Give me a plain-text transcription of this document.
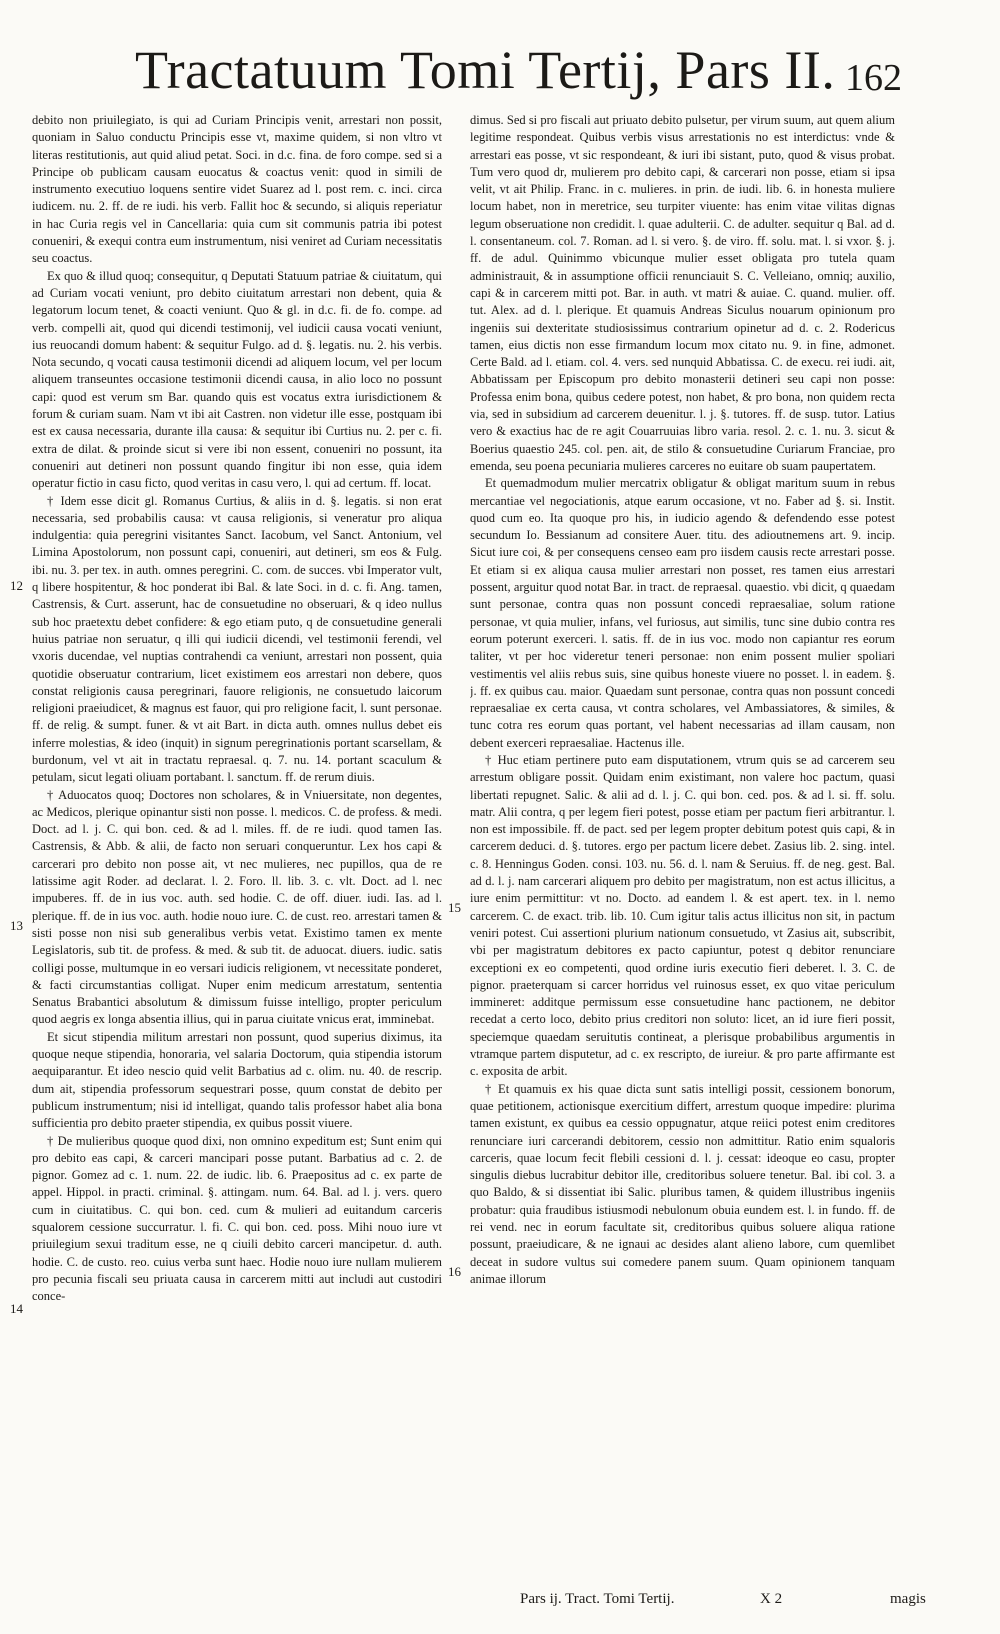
Tractatuum Tomi Tertij, Pars II. 162

debito non priuilegiato, is qui ad Curiam Principis venit, arrestari non possit, quoniam in Saluo conductu Principis esse vt, maxime quidem, si non vltro vt literas restitutionis, aut quid aliud petat. Soci. in d.c. fina. de foro compe. sed si a Principe ob publicam causam euocatus & coactus venit: quod in simili de instrumento executiuo loquens sentire videt Suarez ad l. post rem. c. inci. circa iudicem. nu. 2. ff. de re iudi. his verb. Fallit hoc & secundo, si aliquis reperiatur in hac Curia regis vel in Cancellaria: quia cum sit communis patria ibi potest conueniri, & exequi contra eum instrumentum, nisi veniret ad Curiam necessitatis seu coactus.

Ex quo & illud quoq; consequitur, q Deputati Statuum patriae & ciuitatum, qui ad Curiam vocati veniunt, pro debito ciuitatum arrestari non debent, quia & legatorum locum tenet, & coacti veniunt. Quo & gl. in d.c. fi. de fo. compe. ad verb. compelli ait, quod qui dicendi testimonij, vel iudicii causa vocati veniunt, ius reuocandi domum habent: & sequitur Fulgo. ad d. §. legatis. nu. 2. his verbis. Nota secundo, q vocati causa testimonii dicendi ad aliquem locum, vel per locum aliquem transeuntes occasione testimonii dicendi causa, in alio loco no possunt capi: quod est verum sm Bar. quando quis est vocatus extra iurisdictionem & forum & curiam suam. Nam vt ibi ait Castren. non videtur ille esse, postquam ibi est ex causa necessaria, durante illa causa: & sequitur ibi Curtius nu. 2. per c. fi. extra de dilat. & proinde sicut si vere ibi non essent, conueniri no possunt, ita conueniri aut detineri non possunt quando fingitur ibi non esse, quia idem operatur fictio in casu ficto, quod veritas in casu vero, l. qui ad certum. ff. locat.

† Idem esse dicit gl. Romanus Curtius, & aliis in d. §. legatis. si non erat necessaria, sed probabilis causa: vt causa religionis, si veneratur pro aliqua indulgentia: quia peregrini visitantes Sanct. Iacobum, vel Sanct. Antonium, vel Limina Apostolorum, non possunt capi, conueniri, aut detineri, sm eos & Fulg. ibi. nu. 3. per tex. in auth. omnes peregrini. C. com. de succes. vbi Imperator vult, q libere hospitentur, & hoc ponderat ibi Bal. & late Soci. in d. c. fi. Ang. tamen, Castrensis, & Curt. asserunt, hac de consuetudine no obseruari, & q ideo nullus sub hoc praetextu debet confidere: & ego etiam puto, q de consuetudine generali huius patriae non seruatur, q illi qui iudicii dicendi, vel testimonii ferendi, vel vxoris ducendae, vel nuptias contrahendi ca veniunt, arrestari non possent, quia quotidie obseruatur contrarium, licet existimem eos arrestari non debere, quos constat religionis causa peregrinari, fauore religionis, ne consuetudo laicorum religioni praeiudicet, & magnus est fauor, qui pro religione facit, l. sunt personae. ff. de relig. & sumpt. funer. & vt ait Bart. in dicta auth. omnes nullus debet eis inferre molestias, & ideo (inquit) in signum peregrinationis portant scarsellam, & burdonum, vel vt ait in tractatu repraesal. q. 7. nu. 14. portant scaculum & petulam, sicut legati oliuam portabant. l. sanctum. ff. de rerum diuis.

† Aduocatos quoq; Doctores non scholares, & in Vniuersitate, non degentes, ac Medicos, plerique opinantur sisti non posse. l. medicos. C. de profess. & medi. Doct. ad l. j. C. qui bon. ced. & ad l. miles. ff. de re iudi. quod tamen Ias. Castrensis, & Abb. & alii, de facto non seruari conqueruntur. Lex hos capi & carcerari pro debito non posse ait, vt nec mulieres, nec pupillos, qua de re latissime agit Roder. ad declarat. l. 2. Foro. ll. lib. 3. c. vlt. Doct. ad l. nec impuberes. ff. de in ius voc. auth. sed hodie. C. de off. diuer. iudi. Ias. ad l. plerique. ff. de in ius voc. auth. hodie nouo iure. C. de cust. reo. arrestari tamen & sisti posse non nisi sub generalibus verbis vetat. Existimo tamen ex mente Legislatoris, sub tit. de profess. & med. & sub tit. de aduocat. diuers. iudic. satis colligi posse, multumque in eo versari iudicis religionem, vt necessitate ponderet, & facti circumstantias colligat. Nuper enim medicum arrestatum, sententia Senatus Brabantici absolutum & dimissum fuisse intelligo, propter periculum quod aegris ex longa absentia illius, qui in parua ciuitate vnicus erat, imminebat.

Et sicut stipendia militum arrestari non possunt, quod superius diximus, ita quoque neque stipendia, honoraria, vel salaria Doctorum, quia stipendia istorum aequiparantur. Et ideo nescio quid velit Barbatius ad c. olim. nu. 40. de rescrip. dum ait, stipendia professorum sequestrari posse, quum constat de debito per publicum instrumentum; nisi id intelligat, quando talis professor habet alia bona sufficientia pro debito praeter stipendia, ex quibus possit viuere.

† De mulieribus quoque quod dixi, non omnino expeditum est; Sunt enim qui pro debito eas capi, & carceri mancipari posse putant. Barbatius ad c. 2. de pignor. Gomez ad c. 1. num. 22. de iudic. lib. 6. Praepositus ad c. ex parte de appel. Hippol. in practi. criminal. §. attingam. num. 64. Bal. ad l. j. vers. quero cum in ciuitatibus. C. qui bon. ced. cum & mulieri ad euitandum carceris squalorem cessione succurratur. l. fi. C. qui bon. ced. poss. Mihi nouo iure vt priuilegium sexui traditum esse, ne q ciuili debito carceri mancipetur. d. auth. hodie. C. de custo. reo. cuius verba sunt haec. Hodie nouo iure nullam mulierem pro pecunia fiscali seu priuata causa in carcerem mitti aut includi aut custodiri conce-

dimus. Sed si pro fiscali aut priuato debito pulsetur, per virum suum, aut quem alium legitime respondeat. Quibus verbis visus arrestationis no est interdictus: vnde & arrestari eas posse, vt sic respondeant, & iuri ibi sistant, puto, quod & visus probat. Tum vero quod dr, mulierem pro debito capi, & carcerari non posse, etiam si ipsa velit, vt ait Philip. Franc. in c. mulieres. in prin. de iudi. lib. 6. in honesta muliere locum habet, non in meretrice, seu turpiter viuente: has enim vitae vilitas dignas legum obseruatione non credidit. l. quae adulterii. C. de adulter. sequitur q Bal. ad d. l. consentaneum. col. 7. Roman. ad l. si vero. §. de viro. ff. solu. mat. l. si vxor. §. j. ff. de adul. Quinimmo vbicunque mulier esset obligata pro tutela quam administrauit, & in assumptione officii renunciauit S. C. Velleiano, omniq; auxilio, capi & in carcerem mitti pot. Bar. in auth. vt matri & auiae. C. quand. mulier. off. tut. Alex. ad d. l. plerique. Et quamuis Andreas Siculus nouarum opinionum pro ingeniis sui dexteritate studiosissimus contrarium opinetur ad d. c. 2. Rodericus tamen, eius dictis non esse firmandum locum mox citato nu. 9. in fine, admonet. Certe Bald. ad l. etiam. col. 4. vers. sed nunquid Abbatissa. C. de execu. rei iudi. ait, Abbatissam per Episcopum pro debito monasterii detineri seu capi non posse: Professa enim bona, quibus cedere potest, non habet, & pro bona, non quidem recta via, sed in subsidium ad carcerem deuenitur. l. j. §. tutores. ff. de susp. tutor. Latius vero & exactius hac de re agit Couarruuias libro varia. resol. 2. c. 1. nu. 3. sicut & Boerius quaestio 245. col. pen. ait, de stilo & consuetudine Curiarum Franciae, pro emenda, seu poena pecuniaria mulieres carceres no euitare ob suam paupertatem.

Et quemadmodum mulier mercatrix obligatur & obligat maritum suum in rebus mercantiae vel negociationis, atque earum occasione, vt no. Faber ad §. si. Instit. quod cum eo. Ita quoque pro his, in iudicio agendo & defendendo esse potest secundum Io. Bessianum ad consitere Auer. titu. des adioutnemens art. 9. incip. Sicut iure coi, & per consequens censeo eam pro iisdem causis recte arrestari posse. Et etiam si ex aliqua causa mulier arrestari non posset, res tamen eius arrestari possent, arguitur quod notat Bar. in tract. de repraesal. quaestio. vbi dicit, q quaedam sunt personae, contra quas non possunt concedi repraesaliae, solum ratione personae, vt quia mulier, infans, vel furiosus, aut similis, tunc sine dubio contra res eorum poterunt exerceri. l. satis. ff. de in ius voc. modo non capiantur res eorum taliter, vt per hoc videretur teneri personae: non enim possent mulier spoliari vestimentis vel aliis rebus suis, sine quibus honeste viuere no posset. l. in eadem. §. j. ff. ex quibus cau. maior. Quaedam sunt personae, contra quas non possunt concedi repraesaliae ex certa causa, vt contra scholares, vel Ambassiatores, & similes, & tunc cotra res eorum quas portant, vel habent necessarias ad illam causam, non debent exerceri repraesaliae. Hactenus ille.

† Huc etiam pertinere puto eam disputationem, vtrum quis se ad carcerem seu arrestum obligare possit. Quidam enim existimant, non valere hoc pactum, quasi libertati repugnet. Salic. & alii ad d. l. j. C. qui bon. ced. pos. & ad l. si. ff. solu. matr. Alii contra, q per legem fieri potest, posse etiam per pactum fieri arbitrantur. l. non est impossibile. ff. de pact. sed per legem propter debitum potest quis capi, & in carcerem deduci. d. §. tutores. ergo per pactum licere debet. Zasius lib. 2. sing. intel. c. 8. Henningus Goden. consi. 103. nu. 56. d. l. nam & Seruius. ff. de neg. gest. Bal. ad d. l. j. nam carcerari aliquem pro debito per magistratum, non est actus illicitus, a iure enim permittitur: vt no. Docto. ad eandem l. & est apert. tex. in l. nemo carcerem. C. de exact. trib. lib. 10. Cum igitur talis actus illicitus non sit, in pactum veniri potest. Cui assertioni plurium nationum consuetudo, vt Zasius ait, subscribit, vbi per magistratum debitores ex pacto capiuntur, potest q debitor renunciare exceptioni ex eo competenti, quod ordine iuris executio fieri deberet. l. 3. C. de pignor. praeterquam si carcer horridus vel ruinosus esset, ex quo vitae periculum immineret: additque permissum esse consuetudine hanc pactionem, ne debitor recedat a certo loco, debito prius creditori non soluto: licet, an id iure fieri possit, speciemque quaedam seruitutis contineat, a plerisque probabilibus argumentis in vtramque partem disputetur, ad c. ex rescripto, de iureiur. & pro parte affirmante est c. exposita de arbit.

† Et quamuis ex his quae dicta sunt satis intelligi possit, cessionem bonorum, quae petitionem, actionisque exercitium differt, arrestum quoque impedire: plurima tamen existunt, ex quibus ea cessio oppugnatur, atque reiici potest enim creditores renunciare iuri carcerandi debitorem, cessio non admittitur. Ratio enim squaloris carceris, quae locum fecit flebili cessioni d. l. j. cessat: ideoque eo casu, propter singulis diebus lucrabitur debitor ille, creditoribus soluere tenetur. Bal. ibi col. 3. a quo Baldo, & si dissentiat ibi Salic. pluribus tamen, & quidem illustribus ingeniis probatur: quia fraudibus istiusmodi nebulonum obuia eundem est. l. in fundo. ff. de rei vend. nec in eorum facultate sit, creditoribus quibus soluere aliqua ratione possunt, praeiudicare, & ne ignaui ac desides alant alieno labore, cum quemlibet deceat in sudore vultus sui comedere panem suum. Quam opinionem tanquam animae illorum

12
13
14
15
16
Pars ij. Tract. Tomi Tertij.	X 2	magis
